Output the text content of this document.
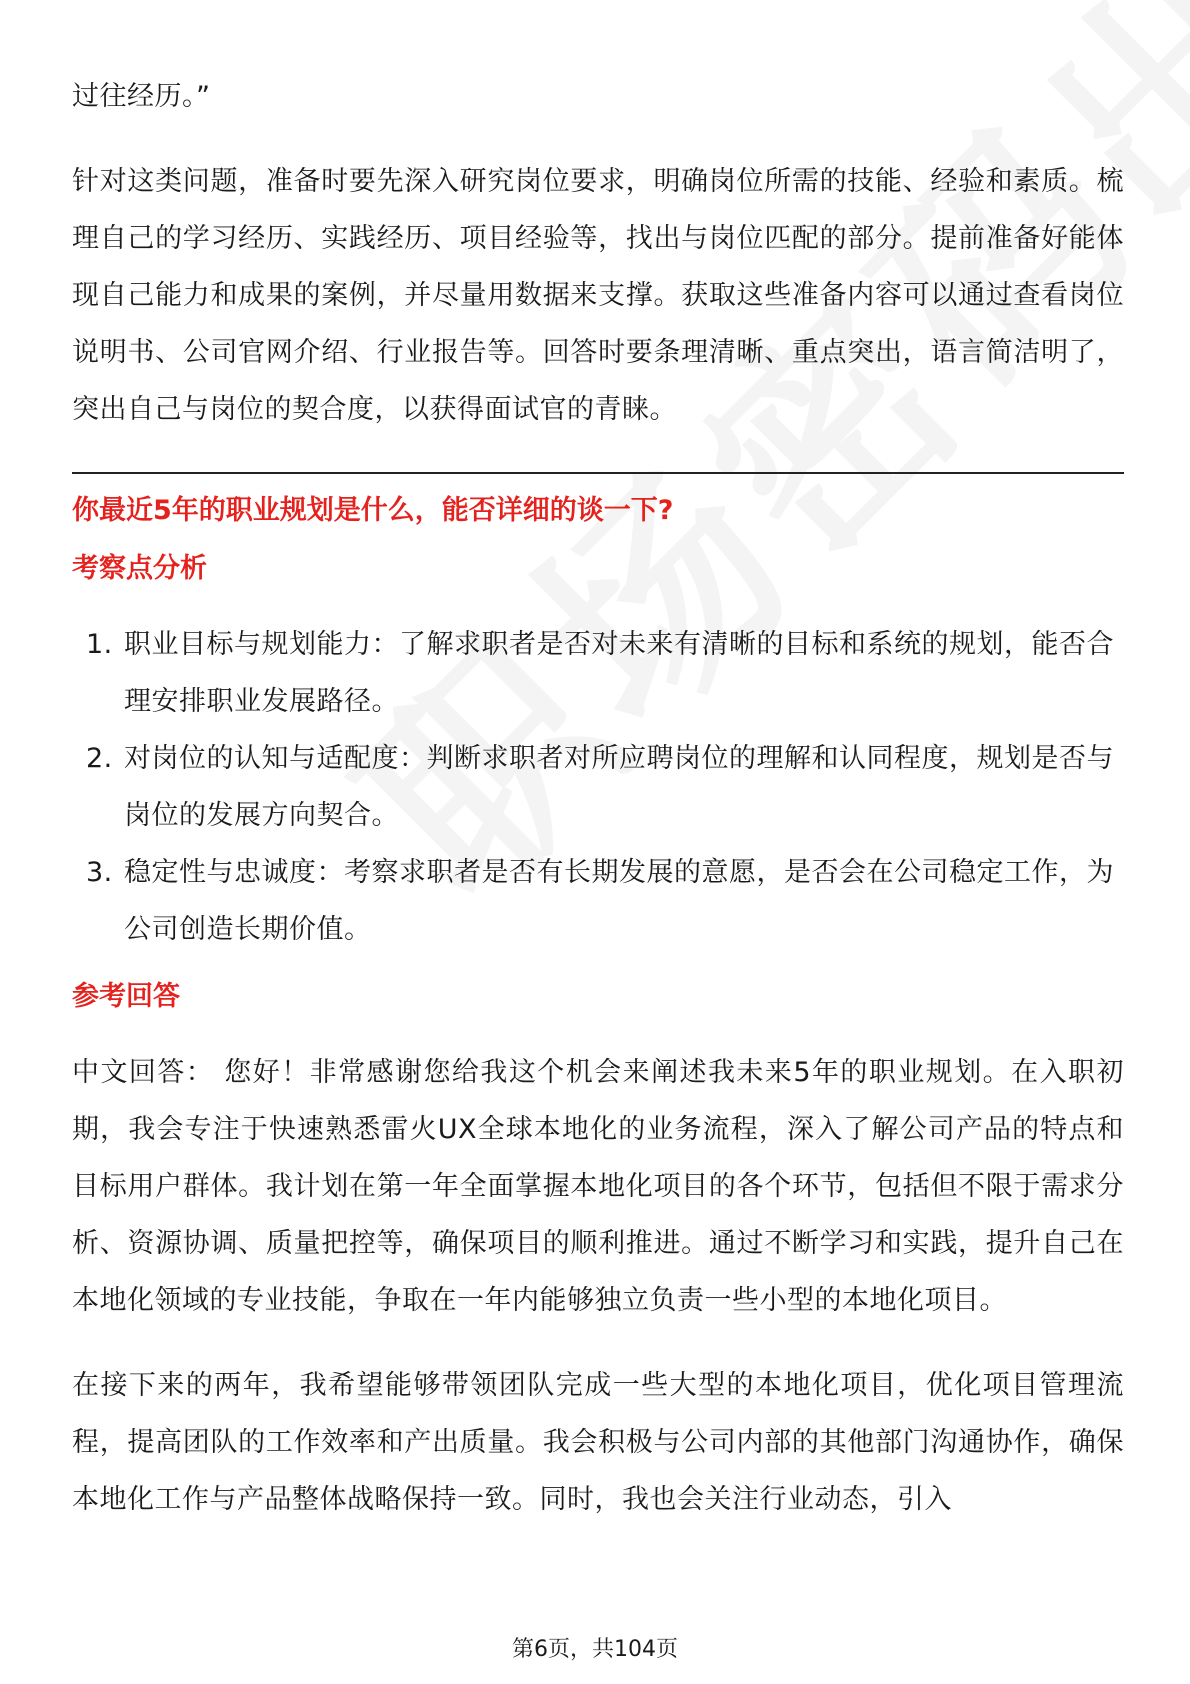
过往经历。”

针对这类问题，准备时要先深入研究岗位要求，明确岗位所需的技能、经验和素质。梳理自己的学习经历、实践经历、项目经验等，找出与岗位匹配的部分。提前准备好能体现自己能力和成果的案例，并尽量用数据来支撑。获取这些准备内容可以通过查看岗位说明书、公司官网介绍、行业报告等。回答时要条理清晰、重点突出，语言简洁明了，突出自己与岗位的契合度，以获得面试官的青睐。

你最近5年的职业规划是什么，能否详细的谈一下?

考察点分析

1. 职业目标与规划能力：了解求职者是否对未来有清晰的目标和系统的规划，能否合理安排职业发展路径。
2. 对岗位的认知与适配度：判断求职者对所应聘岗位的理解和认同程度，规划是否与岗位的发展方向契合。
3. 稳定性与忠诚度：考察求职者是否有长期发展的意愿，是否会在公司稳定工作，为公司创造长期价值。

参考回答

中文回答： 您好！非常感谢您给我这个机会来阐述我未来5年的职业规划。在入职初期，我会专注于快速熟悉雷火UX全球本地化的业务流程，深入了解公司产品的特点和目标用户群体。我计划在第一年全面掌握本地化项目的各个环节，包括但不限于需求分析、资源协调、质量把控等，确保项目的顺利推进。通过不断学习和实践，提升自己在本地化领域的专业技能，争取在一年内能够独立负责一些小型的本地化项目。

在接下来的两年，我希望能够带领团队完成一些大型的本地化项目，优化项目管理流程，提高团队的工作效率和产出质量。我会积极与公司内部的其他部门沟通协作，确保本地化工作与产品整体战略保持一致。同时，我也会关注行业动态，引入

第6页，共104页
